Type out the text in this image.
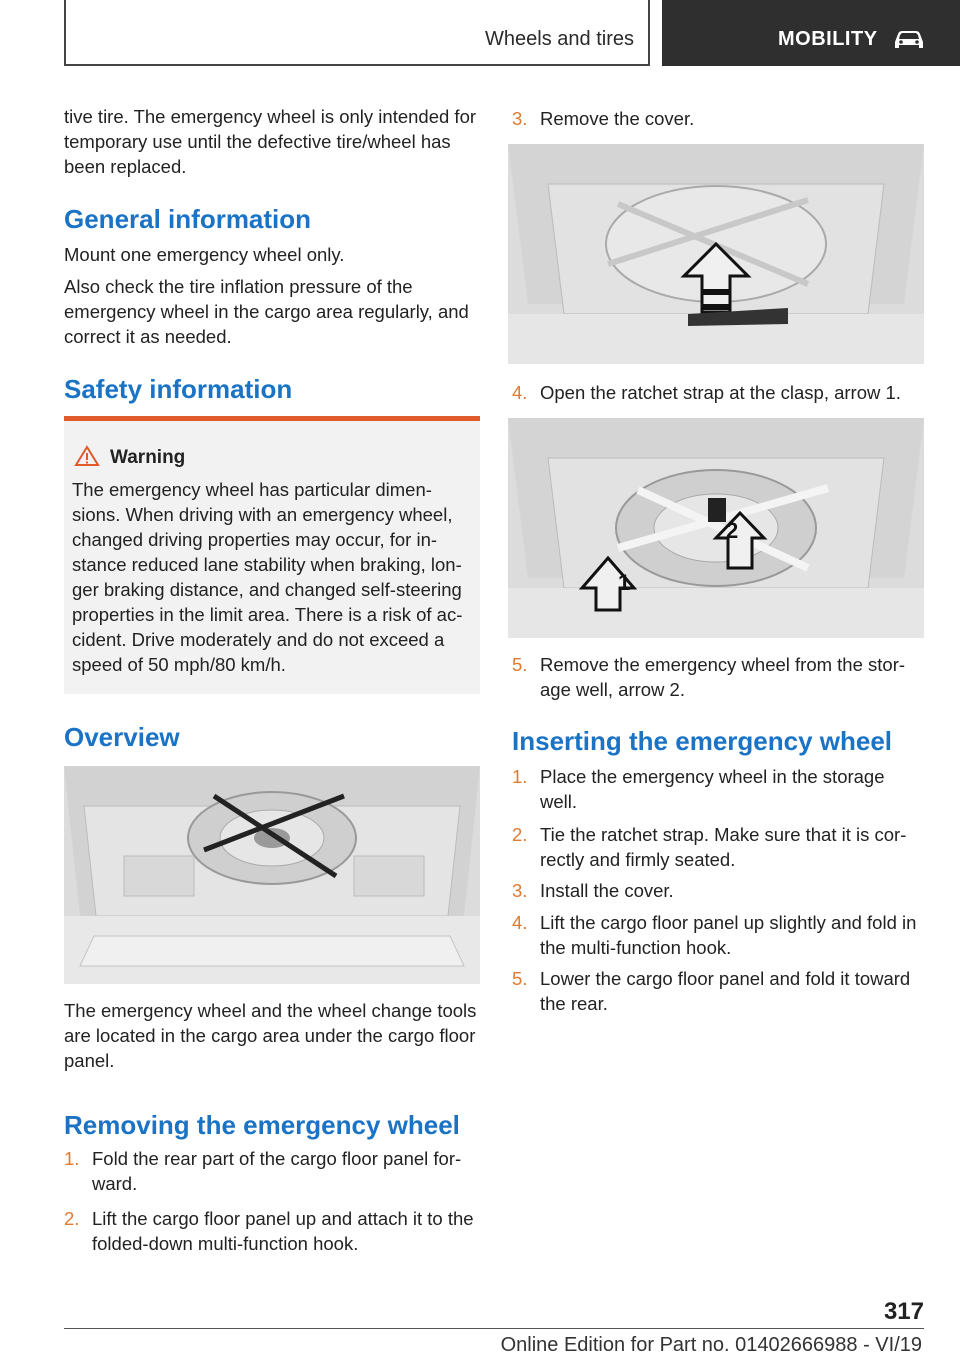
Wheels and tires	MOBILITY
tive tire. The emergency wheel is only intended for temporary use until the defective tire/wheel has been replaced.
General information
Mount one emergency wheel only.
Also check the tire inflation pressure of the emergency wheel in the cargo area regularly, and correct it as needed.
Safety information
Warning
The emergency wheel has particular dimen‐sions. When driving with an emergency wheel, changed driving properties may occur, for in‐stance reduced lane stability when braking, lon‐ger braking distance, and changed self-steering properties in the limit area. There is a risk of ac‐cident. Drive moderately and do not exceed a speed of 50 mph/80 km/h.
Overview
The emergency wheel and the wheel change tools are located in the cargo area under the cargo floor panel.
Removing the emergency wheel
1. Fold the rear part of the cargo floor panel for‐ward.
2. Lift the cargo floor panel up and attach it to the folded-down multi-function hook.
3. Remove the cover.
4. Open the ratchet strap at the clasp, arrow 1.
1
2
5. Remove the emergency wheel from the stor‐age well, arrow 2.
Inserting the emergency wheel
1. Place the emergency wheel in the storage well.
2. Tie the ratchet strap. Make sure that it is cor‐rectly and firmly seated.
3. Install the cover.
4. Lift the cargo floor panel up slightly and fold in the multi-function hook.
5. Lower the cargo floor panel and fold it toward the rear.
317
Online Edition for Part no. 01402666988 - VI/19
